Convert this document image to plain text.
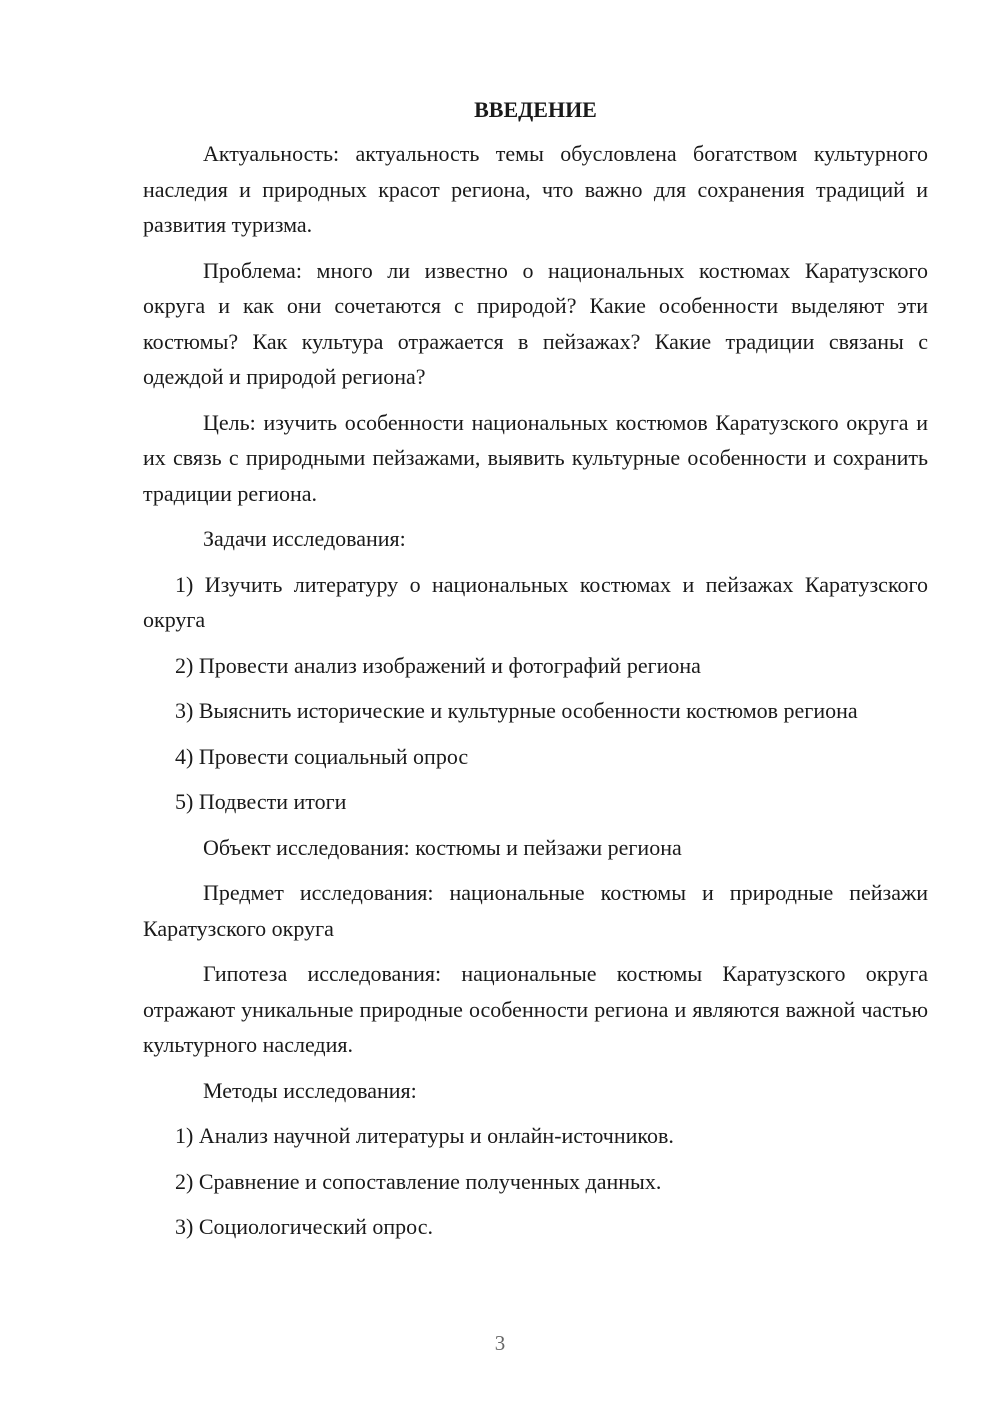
ВВЕДЕНИЕ
Актуальность: актуальность темы обусловлена богатством культурного наследия и природных красот региона, что важно для сохранения традиций и развития туризма.
Проблема: много ли известно о национальных костюмах Каратузского округа и как они сочетаются с природой? Какие особенности выделяют эти костюмы? Как культура отражается в пейзажах? Какие традиции связаны с одеждой и природой региона?
Цель: изучить особенности национальных костюмов Каратузского округа и их связь с природными пейзажами, выявить культурные особенности и сохранить традиции региона.
Задачи исследования:
1) Изучить литературу о национальных костюмах и пейзажах Каратузского округа
2) Провести анализ изображений и фотографий региона
3) Выяснить исторические и культурные особенности костюмов региона
4) Провести социальный опрос
5) Подвести итоги
Объект исследования: костюмы и пейзажи региона
Предмет исследования: национальные костюмы и природные пейзажи Каратузского округа
Гипотеза исследования: национальные костюмы Каратузского округа отражают уникальные природные особенности региона и являются важной частью культурного наследия.
Методы исследования:
1) Анализ научной литературы и онлайн-источников.
2) Сравнение и сопоставление полученных данных.
3) Социологический опрос.
3
